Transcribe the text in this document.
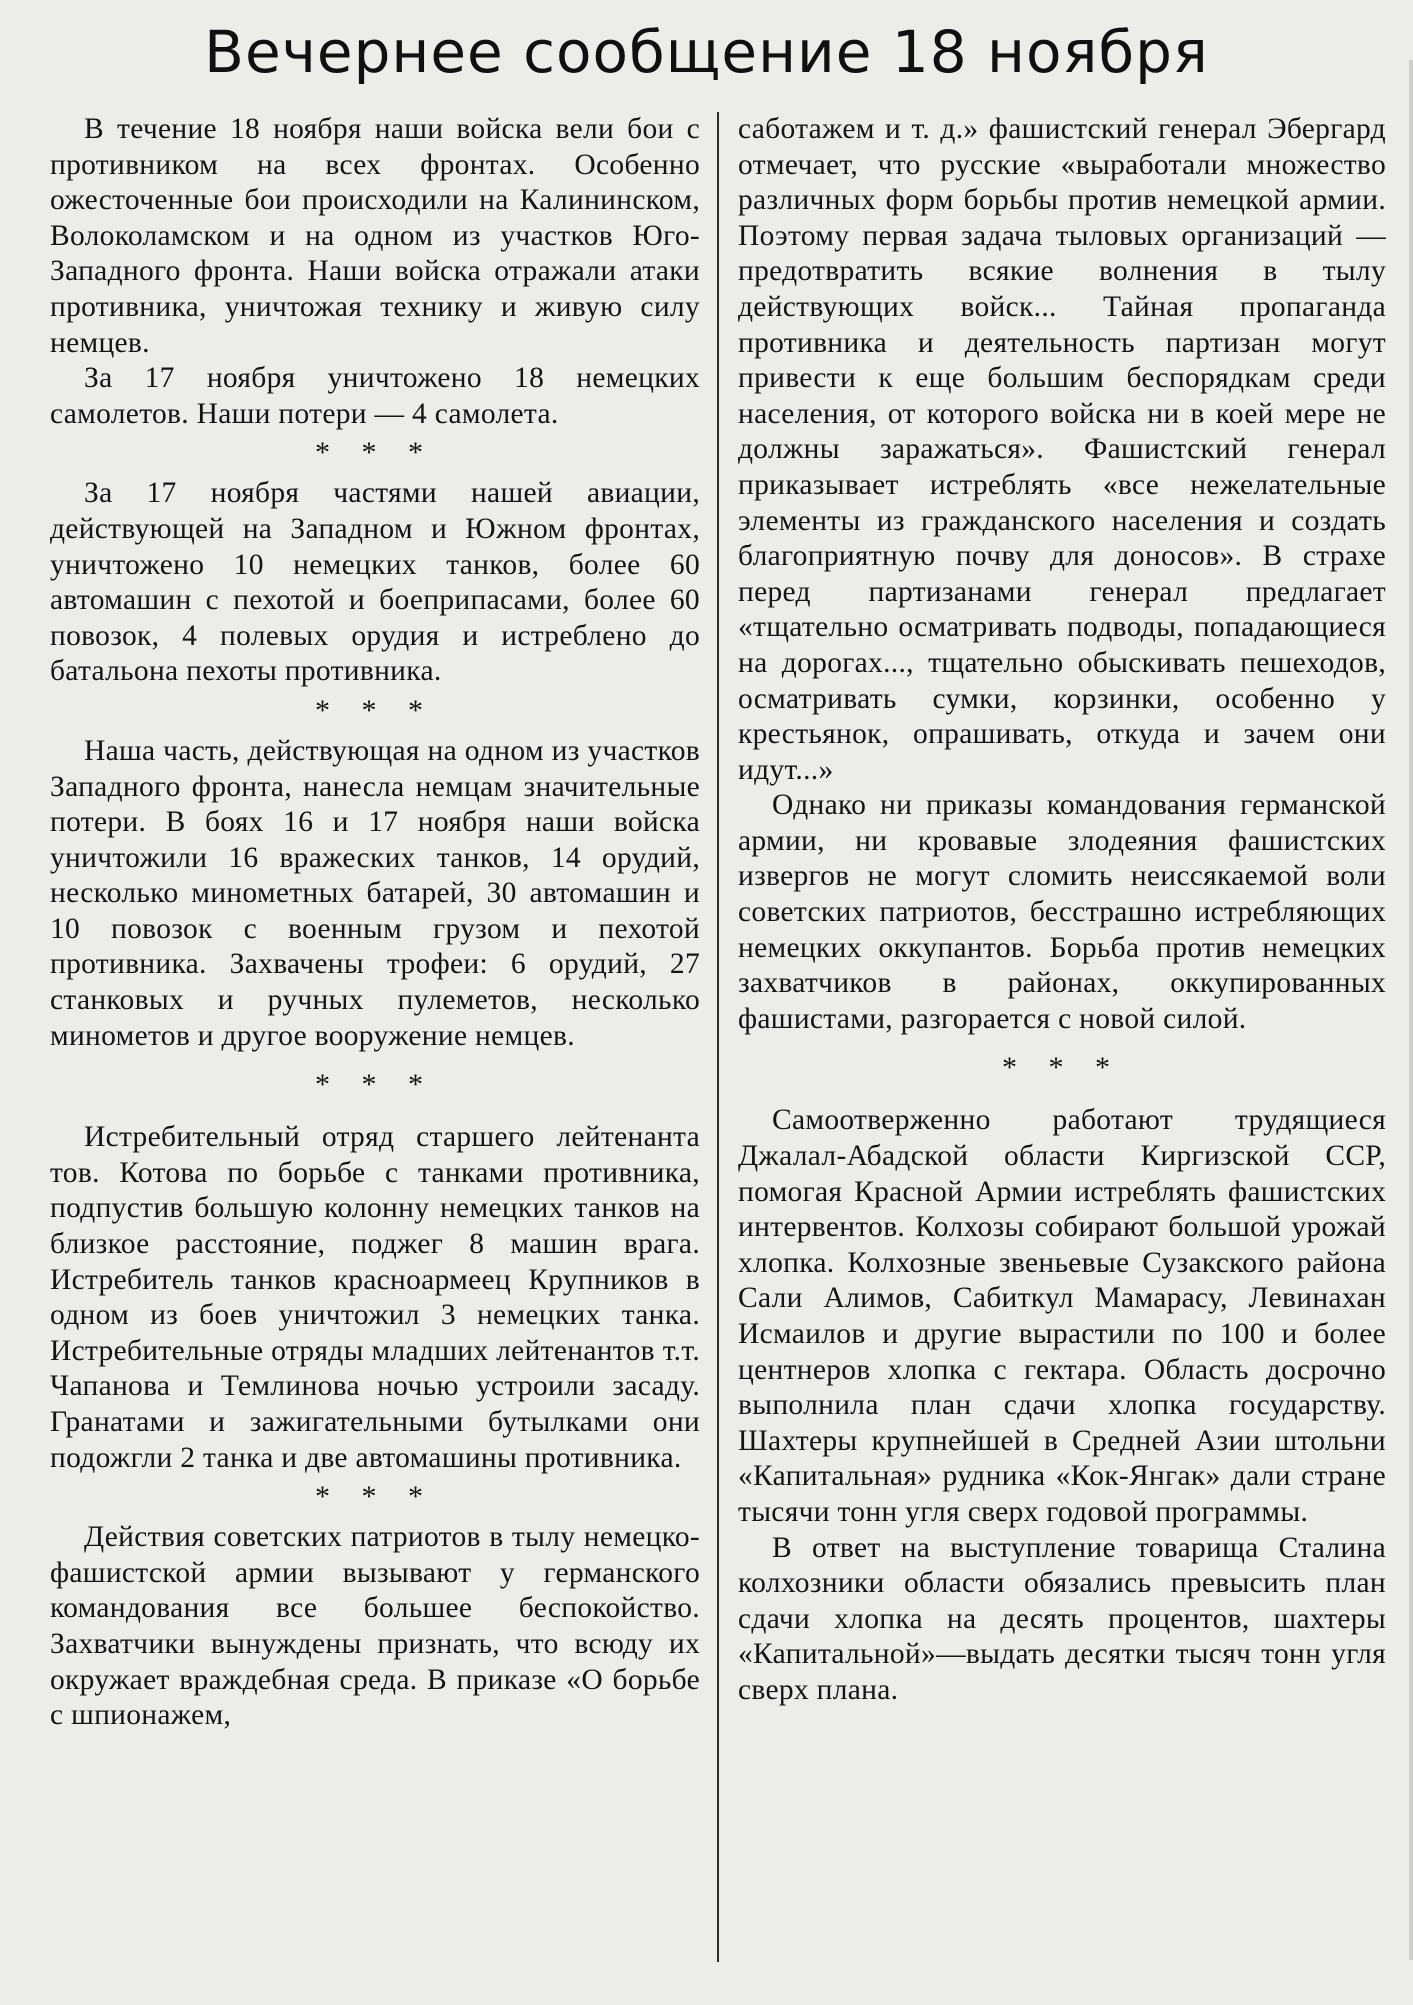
Вечернее сообщение 18 ноября

В течение 18 ноября наши войска вели бои с противником на всех фронтах. Особенно ожесточенные бои происходили на Калининском, Волоколамском и на одном из участков Юго-Западного фронта. Наши войска отражали атаки противника, уничтожая технику и живую силу немцев.

За 17 ноября уничтожено 18 немецких самолетов. Наши потери — 4 самолета.

* * *

За 17 ноября частями нашей авиации, действующей на Западном и Южном фронтах, уничтожено 10 немецких танков, более 60 автомашин с пехотой и боеприпасами, более 60 повозок, 4 полевых орудия и истреблено до батальона пехоты противника.

* * *

Наша часть, действующая на одном из участков Западного фронта, нанесла немцам значительные потери. В боях 16 и 17 ноября наши войска уничтожили 16 вражеских танков, 14 орудий, несколько минометных батарей, 30 автомашин и 10 повозок с военным грузом и пехотой противника. Захвачены трофеи: 6 орудий, 27 станковых и ручных пулеметов, несколько минометов и другое вооружение немцев.

* * *

Истребительный отряд старшего лейтенанта тов. Котова по борьбе с танками противника, подпустив большую колонну немецких танков на близкое расстояние, поджег 8 машин врага. Истребитель танков красноармеец Крупников в одном из боев уничтожил 3 немецких танка. Истребительные отряды младших лейтенантов т.т. Чапанова и Темлинова ночью устроили засаду. Гранатами и зажигательными бутылками они подожгли 2 танка и две автомашины противника.

* * *

Действия советских патриотов в тылу немецко-фашистской армии вызывают у германского командования все большее беспокойство. Захватчики вынуждены признать, что всюду их окружает враждебная среда. В приказе «О борьбе с шпионажем,

саботажем и т. д.» фашистский генерал Эбергард отмечает, что русские «выработали множество различных форм борьбы против немецкой армии. Поэтому первая задача тыловых организаций — предотвратить всякие волнения в тылу действующих войск... Тайная пропаганда противника и деятельность партизан могут привести к еще большим беспорядкам среди населения, от которого войска ни в коей мере не должны заражаться». Фашистский генерал приказывает истреблять «все нежелательные элементы из гражданского населения и создать благоприятную почву для доносов». В страхе перед партизанами генерал предлагает «тщательно осматривать подводы, попадающиеся на дорогах..., тщательно обыскивать пешеходов, осматривать сумки, корзинки, особенно у крестьянок, опрашивать, откуда и зачем они идут...»

Однако ни приказы командования германской армии, ни кровавые злодеяния фашистских извергов не могут сломить неиссякаемой воли советских патриотов, бесстрашно истребляющих немецких оккупантов. Борьба против немецких захватчиков в районах, оккупированных фашистами, разгорается с новой силой.

* * *

Самоотверженно работают трудящиеся Джалал-Абадской области Киргизской ССР, помогая Красной Армии истреблять фашистских интервентов. Колхозы собирают большой урожай хлопка. Колхозные звеньевые Сузакского района Сали Алимов, Сабиткул Мамарасу, Левинахан Исмаилов и другие вырастили по 100 и более центнеров хлопка с гектара. Область досрочно выполнила план сдачи хлопка государству. Шахтеры крупнейшей в Средней Азии штольни «Капитальная» рудника «Кок-Янгак» дали стране тысячи тонн угля сверх годовой программы.

В ответ на выступление товарища Сталина колхозники области обязались превысить план сдачи хлопка на десять процентов, шахтеры «Капитальной»—выдать десятки тысяч тонн угля сверх плана.
